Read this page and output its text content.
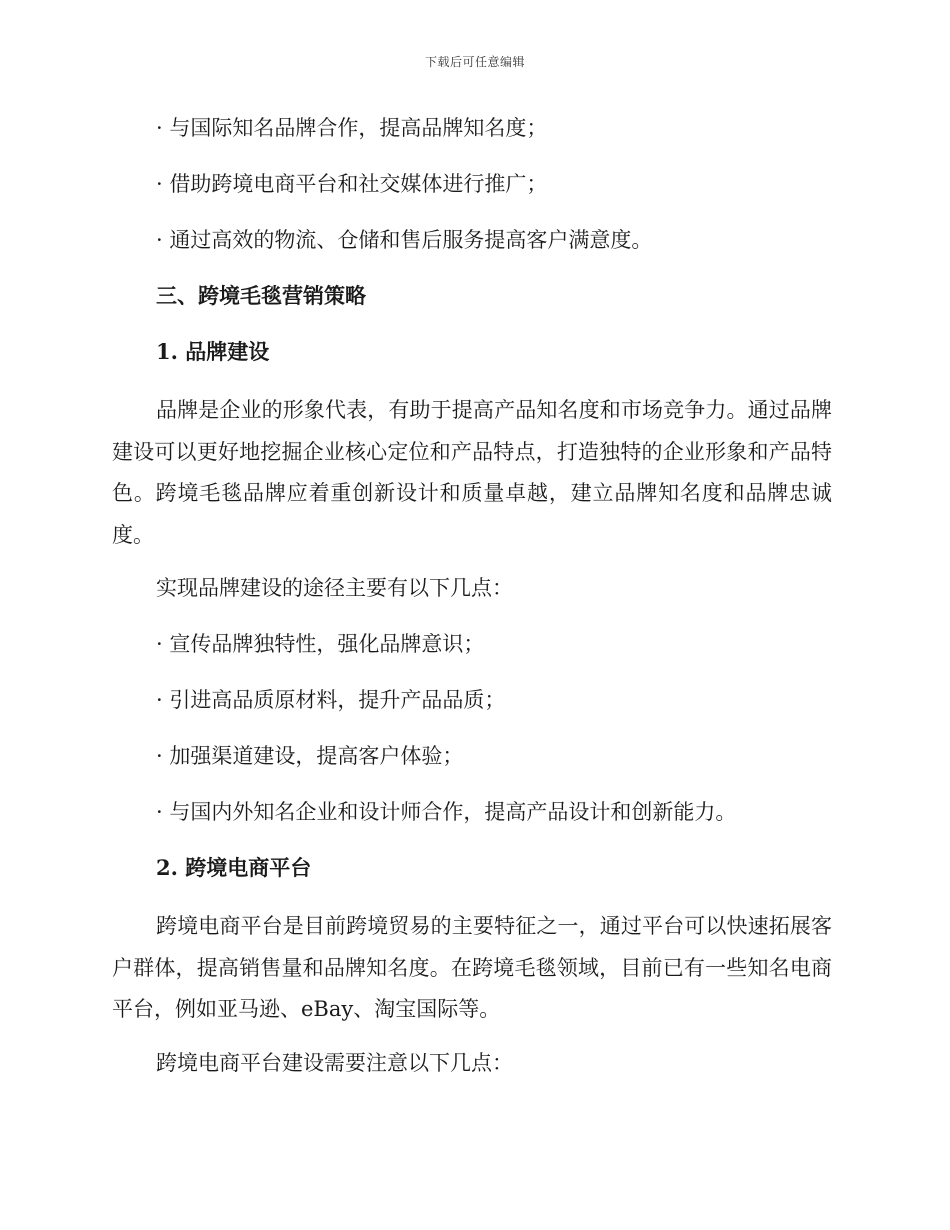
下载后可任意编辑
· 与国际知名品牌合作，提高品牌知名度；
· 借助跨境电商平台和社交媒体进行推广；
· 通过高效的物流、仓储和售后服务提高客户满意度。
三、跨境毛毯营销策略
1. 品牌建设

品牌是企业的形象代表，有助于提高产品知名度和市场竞争力。通过品牌建设可以更好地挖掘企业核心定位和产品特点，打造独特的企业形象和产品特色。跨境毛毯品牌应着重创新设计和质量卓越，建立品牌知名度和品牌忠诚度。

实现品牌建设的途径主要有以下几点：

· 宣传品牌独特性，强化品牌意识；
· 引进高品质原材料，提升产品品质；
· 加强渠道建设，提高客户体验；
· 与国内外知名企业和设计师合作，提高产品设计和创新能力。
2. 跨境电商平台

跨境电商平台是目前跨境贸易的主要特征之一，通过平台可以快速拓展客户群体，提高销售量和品牌知名度。在跨境毛毯领域，目前已有一些知名电商平台，例如亚马逊、eBay、淘宝国际等。

跨境电商平台建设需要注意以下几点：
